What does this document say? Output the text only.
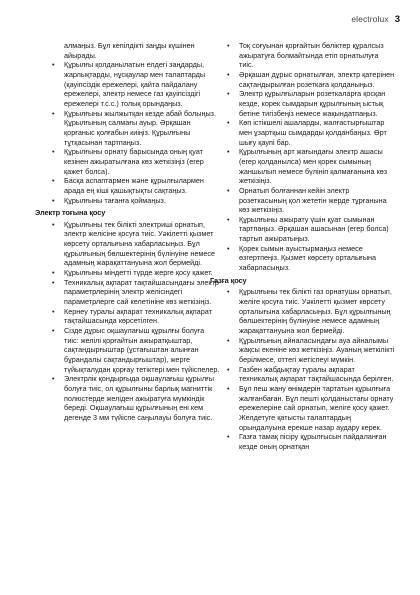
electrolux 3
алмаңыз. Бұл кепілдікті заңды күшінен айырады.
• Құрылғы қолданылатын елдегі заңдарды, жарлықтарды, нұсқаулар мен талаптарды (қауіпсіздік ережелері, қайта пайдалану ережелері, электр немесе газ қауіпсіздігі ережелері т.с.с.) толық орындаңыз.
• Құрылғыны жылжытқан кезде абай болыңыз. Құрылғының салмағы ауыр. Әрқашан қорғаныс қолғабын киіңіз. Құрылғыны тұтқасынан тартпаңыз.
• Құрылғыны орнату барысында оның қуат кезінен ажыратылғана көз жеткізіңіз (егер қажет болса).
• Басқа аспаптармен және құрылғылармен арада ең кіші қашықтықты сақтаңыз.
• Құрылғыны тағанға қоймаңыз.
Электр тоғына қосу
• Құрылғыны тек білікті электриші орнатып, электр желісіне қосуға тиіс. Уәкілетті қызмет көрсету орталығына хабарласыңыз. Бұл құрылғының бөлшектерінің бүлінуіне немесе адамның жарақаттануына жол бермейді.
• Құрылғыны міндетті түрде жерге қосу қажет.
• Техникалық ақпарат тақтайшасындағы электр параметрлерінің электр желісіндегі параметрлерге сай келетініне көз жеткізіңіз.
• Кернеу туралы ақпарат техникалық ақпарат тақтайшасында көрсетілген.
• Сізде дұрыс оқшаулағыш құрылғы болуға тиіс: желілі қорғайтын ажыратқыштар, сақтандырғыштар (ұстағыштан алынған бұрандалы сақтандырғыштар), жерге түйықталудан қорғау тетіктері мен түйіспелер.
• Электрлік қондырғыда оқшаулағыш құрылғы болуға тиіс, ол құрылғыны барлық магниттік полюстерде желіден ажыратуға мүмкіндік береді. Оқшаулағыш құрылғының ені кем дегенде 3 мм түйіспе саңылауы болуға тиіс.
• Тоқ соғуынан қорғайтын бөліктер құралсыз ажыратуға болмайтында етіп орнатылуға тиіс.
• Әрқашан дұрыс орнатылған, электр қатерінен сақтандырылған розеткаға қолданыңыз.
• Электр құрылғыларын розеткаларға қосқан кезде, корек сымдарын құрылғының ыстық бетіне тигізбеңіз немесе жақындатпаңыз.
• Көп істікшелі ашаларды, жалғастырғыштар мен ұзартқыш сымдарды қолданбаңыз. Өрт шығу қаупі бар.
• Құрылғының арт жағындағы электр ашасы (егер қолданылса) мен қорек сымының жаншылып немесе бүлініп қалмағанына көз жеткізіңіз.
• Орнатып болғаннан кейін электр розеткасының қол жететін жерде тұрғанына көз жеткізіңіз.
• Құрылғыны ажырату үшін қуат сымынан тартпаңыз. Әрқашан ашасынан (егер болса) тартып ажыратыңыз.
• Қорек сымын ауыстырмаңыз немесе өзгертпеңіз. Қызмет көрсету орталығына хабарласыңыз.
Газға қосу
• Құрылғыны тек білікті газ орнатушы орнатып, желіге қосуға тиіс. Уәкілетті қызмет көрсету орталығына хабарласыңыз. Бұл құрылғының бөлшектерінің бүлінуіне немесе адамның жарақаттануына жол бермейді.
• Құрылғының айналасындағы ауа айналымы жақсы екеніне көз жеткізіңіз. Ауаның жеткілікті берілмесе, оттегі жетіспеуі мүмкін.
• Газбен жабдықтау туралы ақпарат техникалық ақпарат тақтайшасында берілген.
• Бұл пеш жану өнімдерін тартатын құрылғыға жалғанбаған. Бұл пешті қолданыстағы орнату ережелеріне сай орнатып, желіге қосу қажет. Желдетуге қатысты талаптардың орындалуына ерекше назар аудару керек.
• Газға тамақ пісіру құрылғысын пайдаланған кезде оның орнатқан
